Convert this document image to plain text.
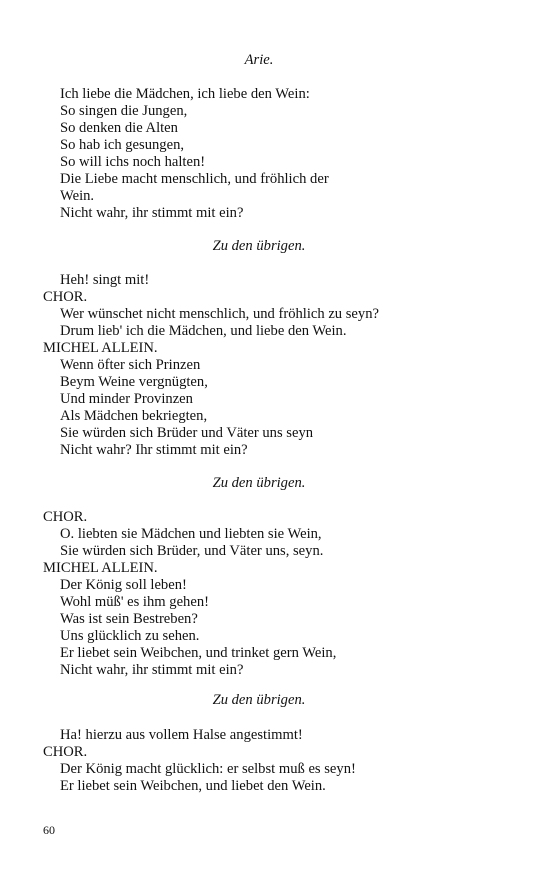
Arie.
Ich liebe die Mädchen, ich liebe den Wein:
So singen die Jungen,
So denken die Alten
So hab ich gesungen,
So will ichs noch halten!
Die Liebe macht menschlich, und fröhlich der
Wein.
Nicht wahr, ihr stimmt mit ein?
Zu den übrigen.
Heh! singt mit!
CHOR.
Wer wünschet nicht menschlich, und fröhlich zu seyn?
Drum lieb' ich die Mädchen, und liebe den Wein.
MICHEL ALLEIN.
Wenn öfter sich Prinzen
Beym Weine vergnügten,
Und minder Provinzen
Als Mädchen bekriegten,
Sie würden sich Brüder und Väter uns seyn
Nicht wahr? Ihr stimmt mit ein?
Zu den übrigen.
CHOR.
O. liebten sie Mädchen und liebten sie Wein,
Sie würden sich Brüder, und Väter uns, seyn.
MICHEL ALLEIN.
Der König soll leben!
Wohl müß' es ihm gehen!
Was ist sein Bestreben?
Uns glücklich zu sehen.
Er liebet sein Weibchen, und trinket gern Wein,
Nicht wahr, ihr stimmt mit ein?
Zu den übrigen.
Ha! hierzu aus vollem Halse angestimmt!
CHOR.
Der König macht glücklich: er selbst muß es seyn!
Er liebet sein Weibchen, und liebet den Wein.
60
